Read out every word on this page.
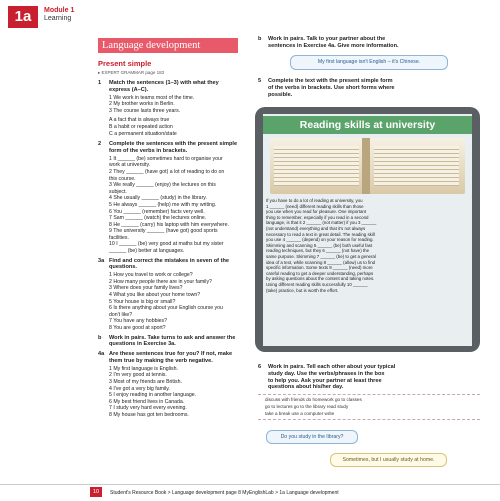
1a	Module 1
Learning
Language development
Present simple
▸ EXPERT GRAMMAR page 183
1 Match the sentences (1–3) with what they
express (A–C).
1 We work in teams most of the time.
2 My brother works in Berlin.
3 The course lasts three years.
A a fact that is always true
B a habit or repeated action
C a permanent situation/state
2 Complete the sentences with the present simple
form of the verbs in brackets.
1 It ______ (be) sometimes hard to organise your
work at university.
2 They ______ (have got) a lot of reading to do on
this course.
3 We really ______ (enjoy) the lectures on this
subject.
4 She usually ______ (study) in the library.
5 He always ______ (help) me with my writing.
6 You ______ (remember) facts very well.
7 Sam ______ (watch) the lectures online.
8 He ______ (carry) his laptop with him everywhere.
9 The university ______ (have got) good sports
facilities.
10 I ______ (be) very good at maths but my sister
______ (be) better at languages.
3a Find and correct the mistakes in seven of the
questions.
1 How you travel to work or college?
2 How many people there are in your family?
3 Where does your family lives?
4 What you like about your home town?
5 Your house is big or small?
6 Is there anything about your English course you
don't like?
7 You have any hobbies?
8 You are good at sport?
b Work in pairs. Take turns to ask and answer the
questions in Exercise 3a.
4a Are these sentences true for you? If not, make
them true by making the verb negative.
1 My first language is English.
2 I'm very good at tennis.
3 Most of my friends are British.
4 I've got a very big family.
5 I enjoy reading in another language.
6 My best friend lives in Canada.
7 I study very hard every evening.
8 My house has got ten bedrooms.
b Work in pairs. Talk to your partner about the
sentences in Exercise 4a. Give more information.
My first language isn't English – it's Chinese.
5 Complete the text with the present simple form
of the verbs in brackets. Use short forms where
possible.
Reading skills at university
If you have to do a lot of reading at university, you
1 ______ (need) different reading skills than those
you use when you read for pleasure. One important
thing to remember, especially if you read in a second
language, is that it 2 ______ (not matter) if you 3 ______
(not understand) everything and that it's not always
necessary to read a text in great detail. The reading skill
you use 4 ______ (depend) on your reason for reading.
Skimming and scanning 5 ______ (be) both useful fast
reading techniques, but they 6 ______ (not have) the
same purpose. Skimming 7 ______ (be) to get a general
idea of a text, while scanning 8 ______ (allow) us to find
specific information. Some texts 9 ______ (need) more
careful reading to get a deeper understanding, perhaps
by asking questions about the content and taking notes.
Using different reading skills successfully 10 ______
(take) practice, but is worth the effort.
6 Work in pairs. Tell each other about your typical
study day. Use the verbs/phrases in the box
to help you. Ask your partner at least three
questions about his/her day.
discuss with friends do homework go to classes
go to lectures go to the library read study
take a break use a computer write
Do you study in the library?
Sometimes, but I usually study at home.
Student's Resource Book > Language development page 8 MyEnglishLab > 1a Language development
10
